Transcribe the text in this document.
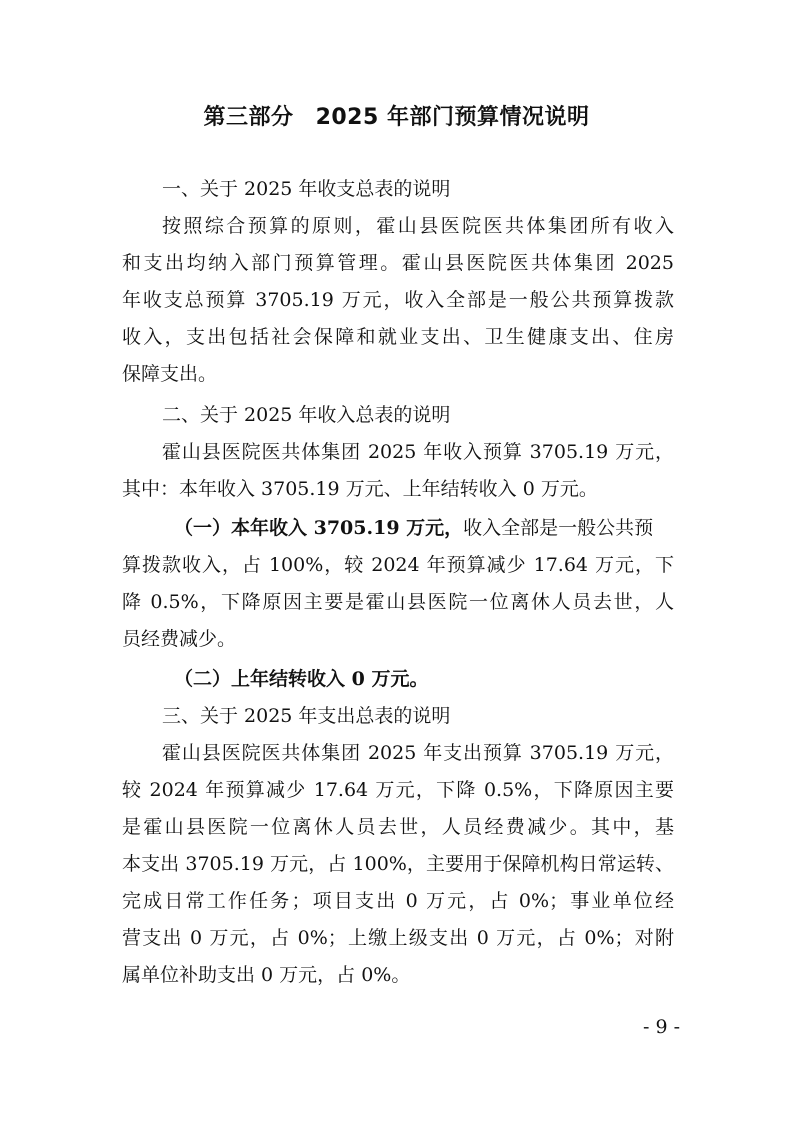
第三部分 2025 年部门预算情况说明
一、关于 2025 年收支总表的说明
按照综合预算的原则，霍山县医院医共体集团所有收入
和支出均纳入部门预算管理。霍山县医院医共体集团 2025
年收支总预算 3705.19 万元，收入全部是一般公共预算拨款
收入，支出包括社会保障和就业支出、卫生健康支出、住房
保障支出。
二、关于 2025 年收入总表的说明
霍山县医院医共体集团 2025 年收入预算 3705.19 万元，
其中：本年收入 3705.19 万元、上年结转收入 0 万元。
（一）本年收入 3705.19 万元，收入全部是一般公共预
算拨款收入，占 100%，较 2024 年预算减少 17.64 万元，下
降 0.5%，下降原因主要是霍山县医院一位离休人员去世，人
员经费减少。
（二）上年结转收入 0 万元。
三、关于 2025 年支出总表的说明
霍山县医院医共体集团 2025 年支出预算 3705.19 万元，
较 2024 年预算减少 17.64 万元，下降 0.5%，下降原因主要
是霍山县医院一位离休人员去世，人员经费减少。其中，基
本支出 3705.19 万元，占 100%，主要用于保障机构日常运转、
完成日常工作任务；项目支出 0 万元，占 0%；事业单位经
营支出 0 万元，占 0%；上缴上级支出 0 万元，占 0%；对附
属单位补助支出 0 万元，占 0%。
- 9 -
